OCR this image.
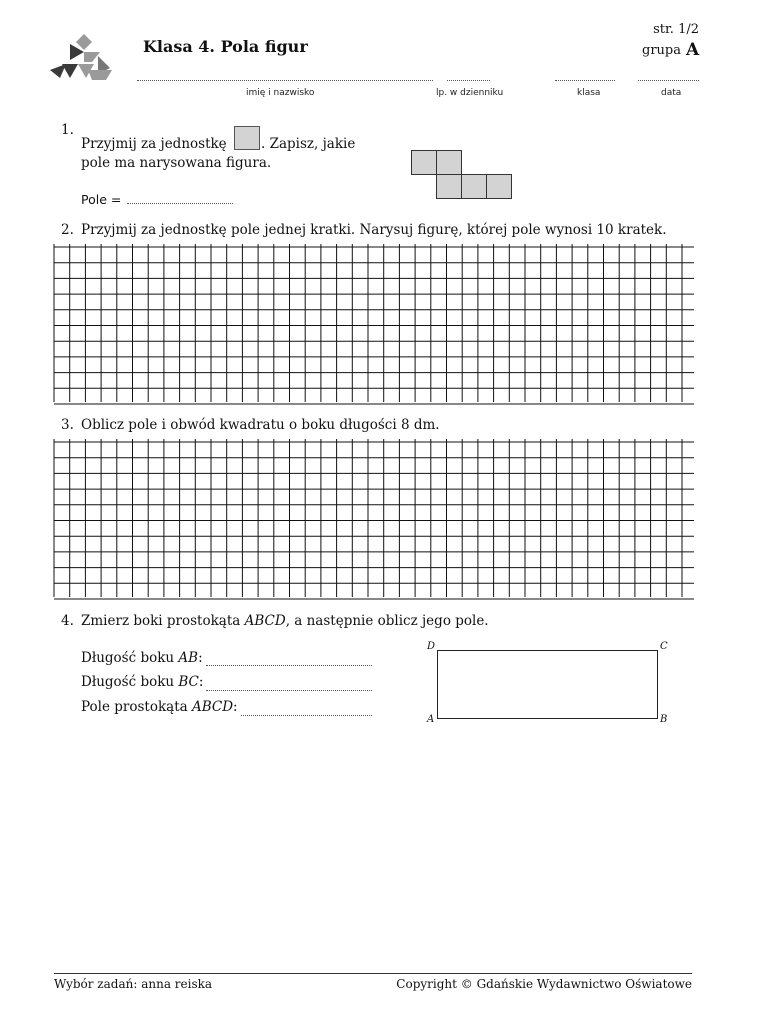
Klasa 4. Pola figur
str. 1/2
grupa A
imię i nazwisko	lp. w dzienniku	klasa	data
1.
Przyjmij za jednostkę	. Zapisz, jakie
pole ma narysowana figura.
Pole =
2. Przyjmij za jednostkę pole jednej kratki. Narysuj figurę, której pole wynosi 10 kratek.
3. Oblicz pole i obwód kwadratu o boku długości 8 dm.
4. Zmierz boki prostokąta ABCD, a następnie oblicz jego pole.
Długość boku AB:
Długość boku BC:
Pole prostokąta ABCD:
D	C
A	B
Wybór zadań: anna reiska	Copyright © Gdańskie Wydawnictwo Oświatowe
